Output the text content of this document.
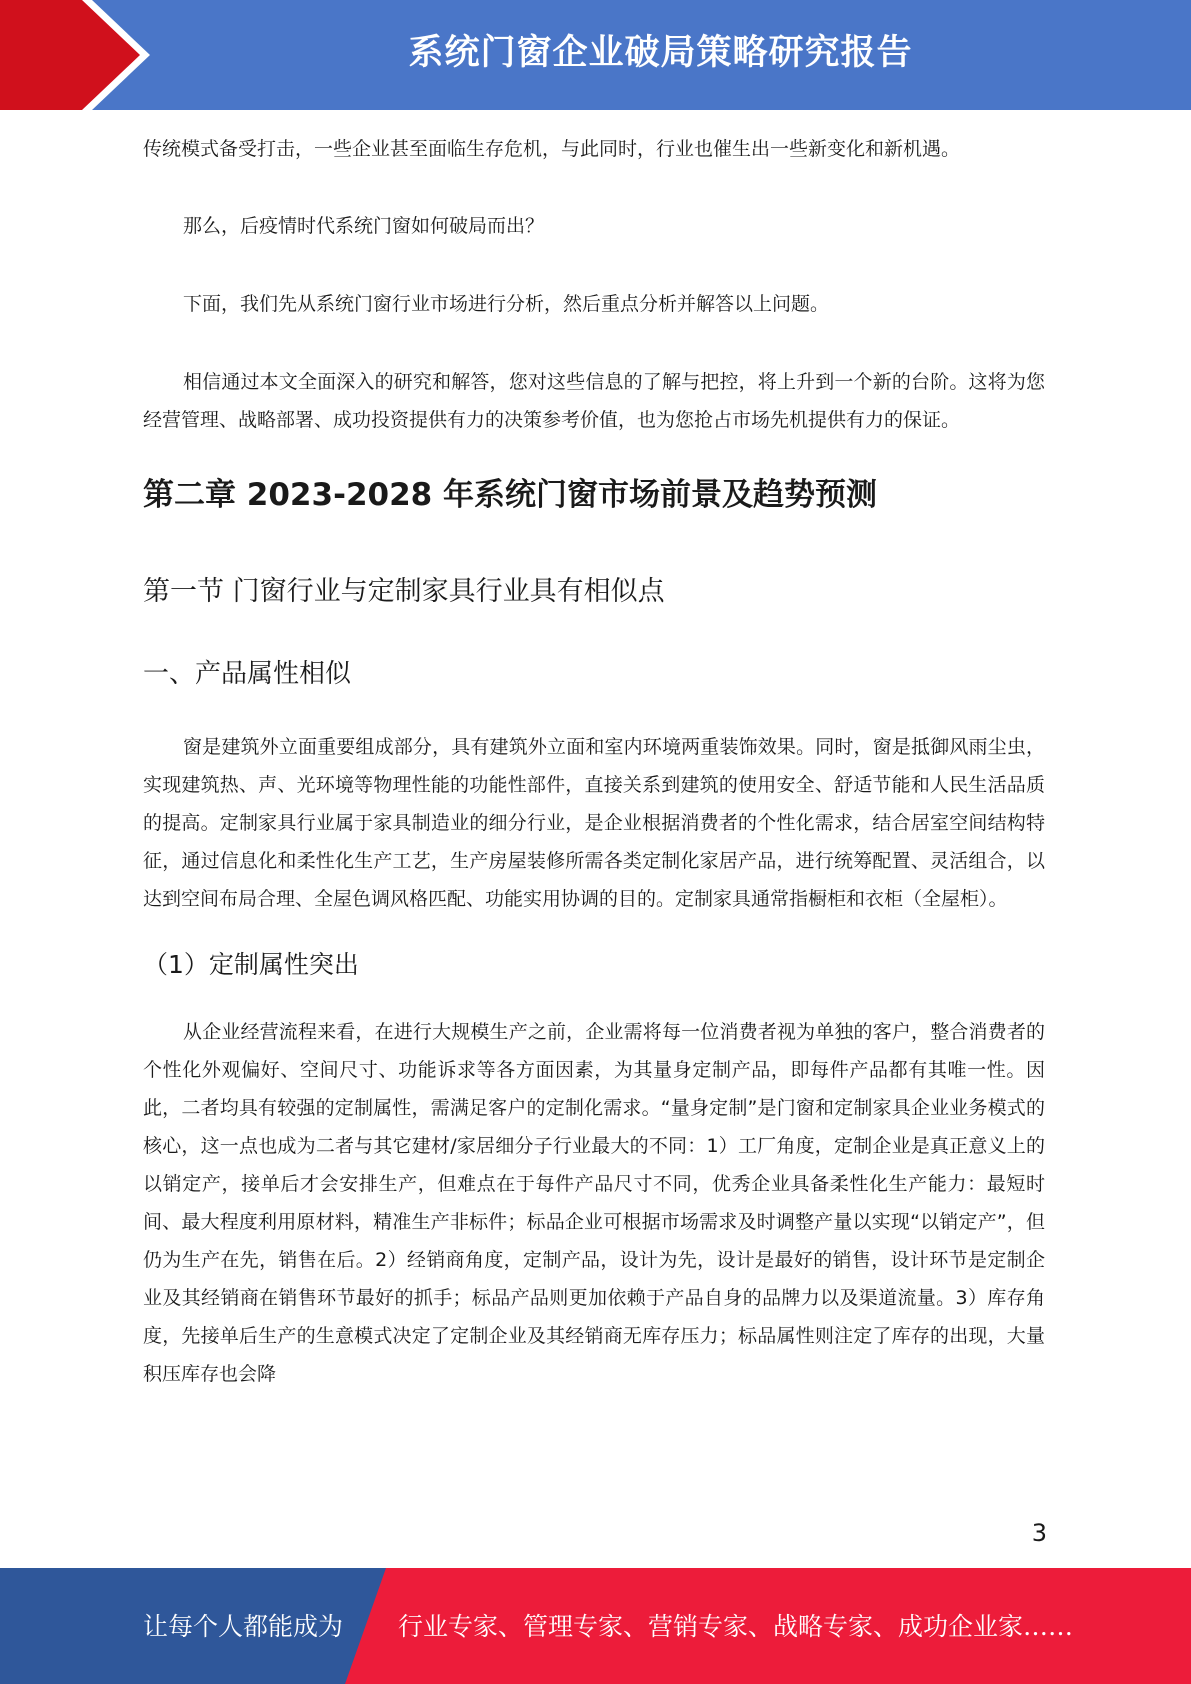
系统门窗企业破局策略研究报告

传统模式备受打击，一些企业甚至面临生存危机，与此同时，行业也催生出一些新变化和新机遇。

那么，后疫情时代系统门窗如何破局而出？

下面，我们先从系统门窗行业市场进行分析，然后重点分析并解答以上问题。

相信通过本文全面深入的研究和解答，您对这些信息的了解与把控，将上升到一个新的台阶。这将为您经营管理、战略部署、成功投资提供有力的决策参考价值，也为您抢占市场先机提供有力的保证。

第二章 2023-2028 年系统门窗市场前景及趋势预测
第一节 门窗行业与定制家具行业具有相似点
一、产品属性相似

窗是建筑外立面重要组成部分，具有建筑外立面和室内环境两重装饰效果。同时，窗是抵御风雨尘虫，实现建筑热、声、光环境等物理性能的功能性部件，直接关系到建筑的使用安全、舒适节能和人民生活品质的提高。定制家具行业属于家具制造业的细分行业，是企业根据消费者的个性化需求，结合居室空间结构特征，通过信息化和柔性化生产工艺，生产房屋装修所需各类定制化家居产品，进行统筹配置、灵活组合，以达到空间布局合理、全屋色调风格匹配、功能实用协调的目的。定制家具通常指橱柜和衣柜（全屋柜）。

（1）定制属性突出

从企业经营流程来看，在进行大规模生产之前，企业需将每一位消费者视为单独的客户，整合消费者的个性化外观偏好、空间尺寸、功能诉求等各方面因素，为其量身定制产品，即每件产品都有其唯一性。因此，二者均具有较强的定制属性，需满足客户的定制化需求。“量身定制”是门窗和定制家具企业业务模式的核心，这一点也成为二者与其它建材/家居细分子行业最大的不同：1）工厂角度，定制企业是真正意义上的以销定产，接单后才会安排生产，但难点在于每件产品尺寸不同，优秀企业具备柔性化生产能力：最短时间、最大程度利用原材料，精准生产非标件；标品企业可根据市场需求及时调整产量以实现“以销定产”，但仍为生产在先，销售在后。2）经销商角度，定制产品，设计为先，设计是最好的销售，设计环节是定制企业及其经销商在销售环节最好的抓手；标品产品则更加依赖于产品自身的品牌力以及渠道流量。3）库存角度，先接单后生产的生意模式决定了定制企业及其经销商无库存压力；标品属性则注定了库存的出现，大量积压库存也会降

3
让每个人都能成为 行业专家、管理专家、营销专家、战略专家、成功企业家……
